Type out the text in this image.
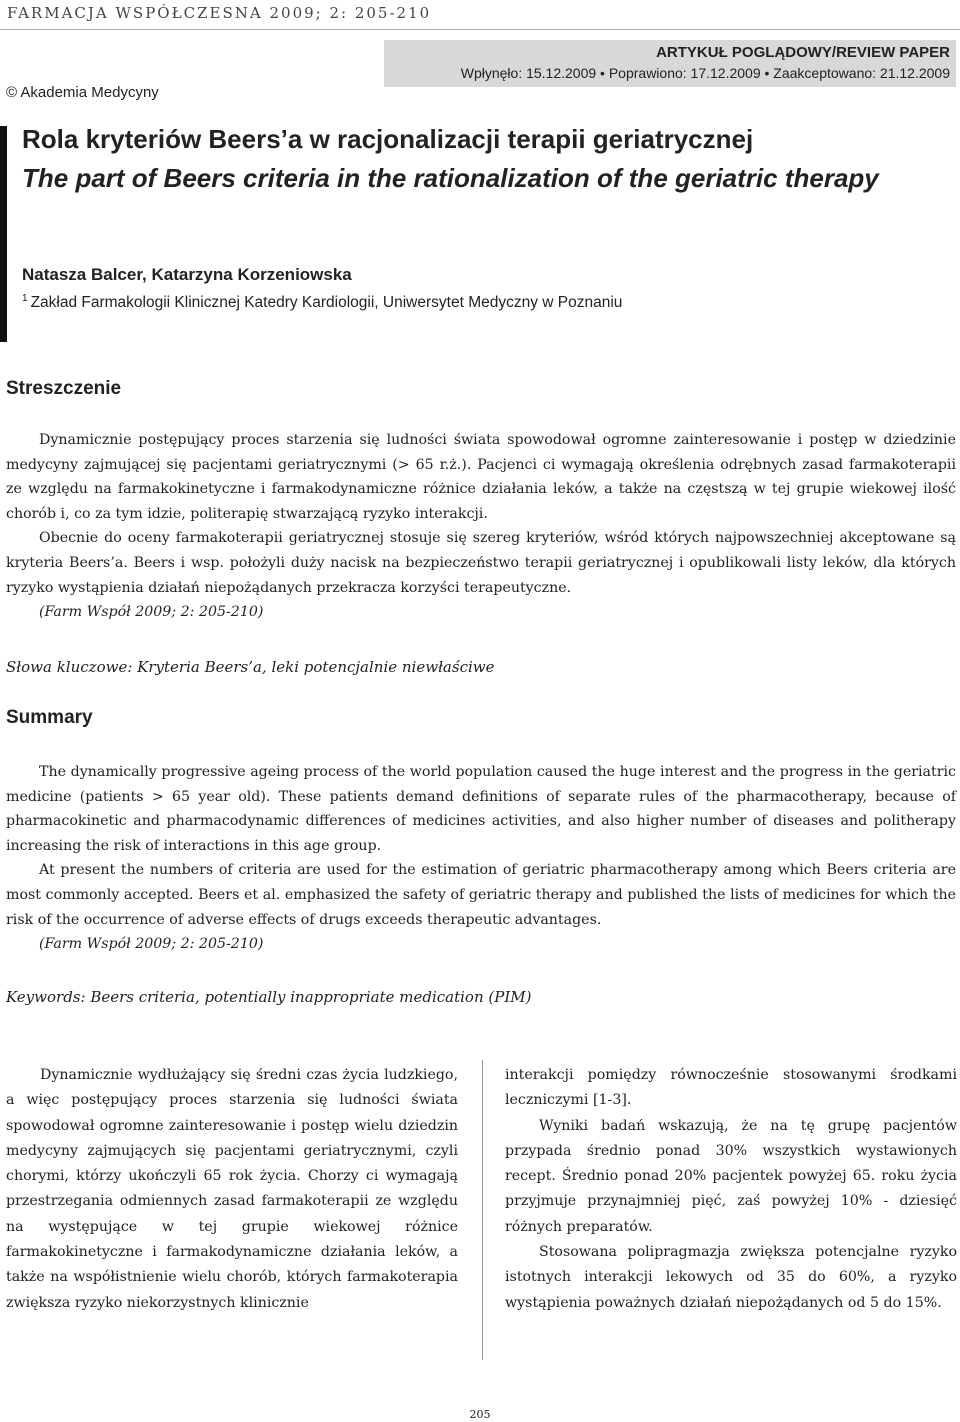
FARMACJA WSPÓŁCZESNA 2009; 2: 205-210
© Akademia Medycyny
ARTYKUŁ POGLĄDOWY/REVIEW PAPER
Wpłynęło: 15.12.2009 • Poprawiono: 17.12.2009 • Zaakceptowano: 21.12.2009
Rola kryteriów Beers’a w racjonalizacji terapii geriatrycznej
The part of Beers criteria in the rationalization of the geriatric therapy
Natasza Balcer, Katarzyna Korzeniowska
$^1$ Zakład Farmakologii Klinicznej Katedry Kardiologii, Uniwersytet Medyczny w Poznaniu
Streszczenie

Dynamicznie postępujący proces starzenia się ludności świata spowodował ogromne zainteresowanie i postęp w dziedzinie medycyny zajmującej się pacjentami geriatrycznymi (> 65 r.ż.). Pacjenci ci wymagają określenia odrębnych zasad farmakoterapii ze względu na farmakokinetyczne i farmakodynamiczne różnice działania leków, a także na częstszą w tej grupie wiekowej ilość chorób i, co za tym idzie, politerapię stwarzającą ryzyko interakcji.

Obecnie do oceny farmakoterapii geriatrycznej stosuje się szereg kryteriów, wśród których najpowszechniej akceptowane są kryteria Beers’a. Beers i wsp. położyli duży nacisk na bezpieczeństwo terapii geriatrycznej i opublikowali listy leków, dla których ryzyko wystąpienia działań niepożądanych przekracza korzyści terapeutyczne.

(Farm Współ 2009; 2: 205-210)

Słowa kluczowe: Kryteria Beers’a, leki potencjalnie niewłaściwe
Summary

The dynamically progressive ageing process of the world population caused the huge interest and the progress in the geriatric medicine (patients > 65 year old). These patients demand definitions of separate rules of the pharmacotherapy, because of pharmacokinetic and pharmacodynamic differences of medicines activities, and also higher number of diseases and politherapy increasing the risk of interactions in this age group.

At present the numbers of criteria are used for the estimation of geriatric pharmacotherapy among which Beers criteria are most commonly accepted. Beers et al. emphasized the safety of geriatric therapy and published the lists of medicines for which the risk of the occurrence of adverse effects of drugs exceeds therapeutic advantages.

(Farm Współ 2009; 2: 205-210)

Keywords: Beers criteria, potentially inappropriate medication (PIM)

Dynamicznie wydłużający się średni czas życia ludzkiego, a więc postępujący proces starzenia się ludności świata spowodował ogromne zainteresowanie i postęp wielu dziedzin medycyny zajmujących się pacjentami geriatrycznymi, czyli chorymi, którzy ukończyli 65 rok życia. Chorzy ci wymagają przestrzegania odmiennych zasad farmakoterapii ze względu na występujące w tej grupie wiekowej różnice farmakokinetyczne i farmakodynamiczne działania leków, a także na współistnienie wielu chorób, których farmakoterapia zwiększa ryzyko niekorzystnych klinicznie

interakcji pomiędzy równocześnie stosowanymi środkami leczniczymi [1-3].

Wyniki badań wskazują, że na tę grupę pacjentów przypada średnio ponad 30% wszystkich wystawionych recept. Średnio ponad 20% pacjentek powyżej 65. roku życia przyjmuje przynajmniej pięć, zaś powyżej 10% - dziesięć różnych preparatów.

Stosowana polipragmazja zwiększa potencjalne ryzyko istotnych interakcji lekowych od 35 do 60%, a ryzyko wystąpienia poważnych działań niepożądanych od 5 do 15%.

205
